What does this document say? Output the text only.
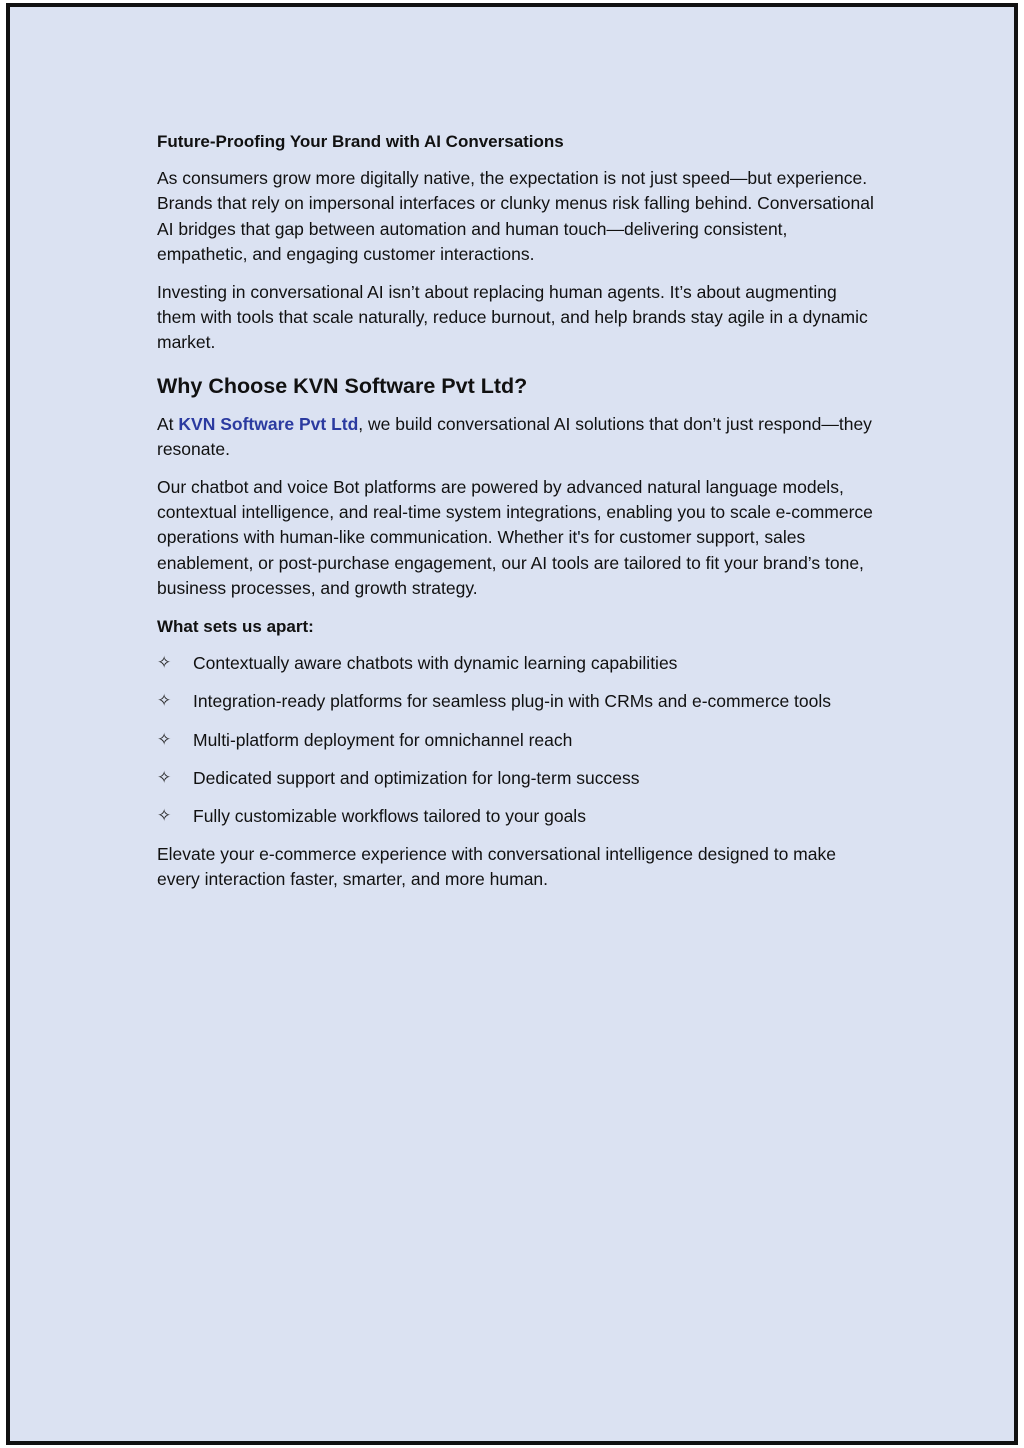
Future-Proofing Your Brand with AI Conversations

As consumers grow more digitally native, the expectation is not just speed—but experience. Brands that rely on impersonal interfaces or clunky menus risk falling behind. Conversational AI bridges that gap between automation and human touch—delivering consistent, empathetic, and engaging customer interactions.

Investing in conversational AI isn’t about replacing human agents. It’s about augmenting them with tools that scale naturally, reduce burnout, and help brands stay agile in a dynamic market.

Why Choose KVN Software Pvt Ltd?

At KVN Software Pvt Ltd, we build conversational AI solutions that don’t just respond—they resonate.

Our chatbot and voice Bot platforms are powered by advanced natural language models, contextual intelligence, and real-time system integrations, enabling you to scale e-commerce operations with human-like communication. Whether it's for customer support, sales enablement, or post-purchase engagement, our AI tools are tailored to fit your brand’s tone, business processes, and growth strategy.

What sets us apart:
✧ Contextually aware chatbots with dynamic learning capabilities
✧ Integration-ready platforms for seamless plug-in with CRMs and e-commerce tools
✧ Multi-platform deployment for omnichannel reach
✧ Dedicated support and optimization for long-term success
✧ Fully customizable workflows tailored to your goals

Elevate your e-commerce experience with conversational intelligence designed to make every interaction faster, smarter, and more human.
